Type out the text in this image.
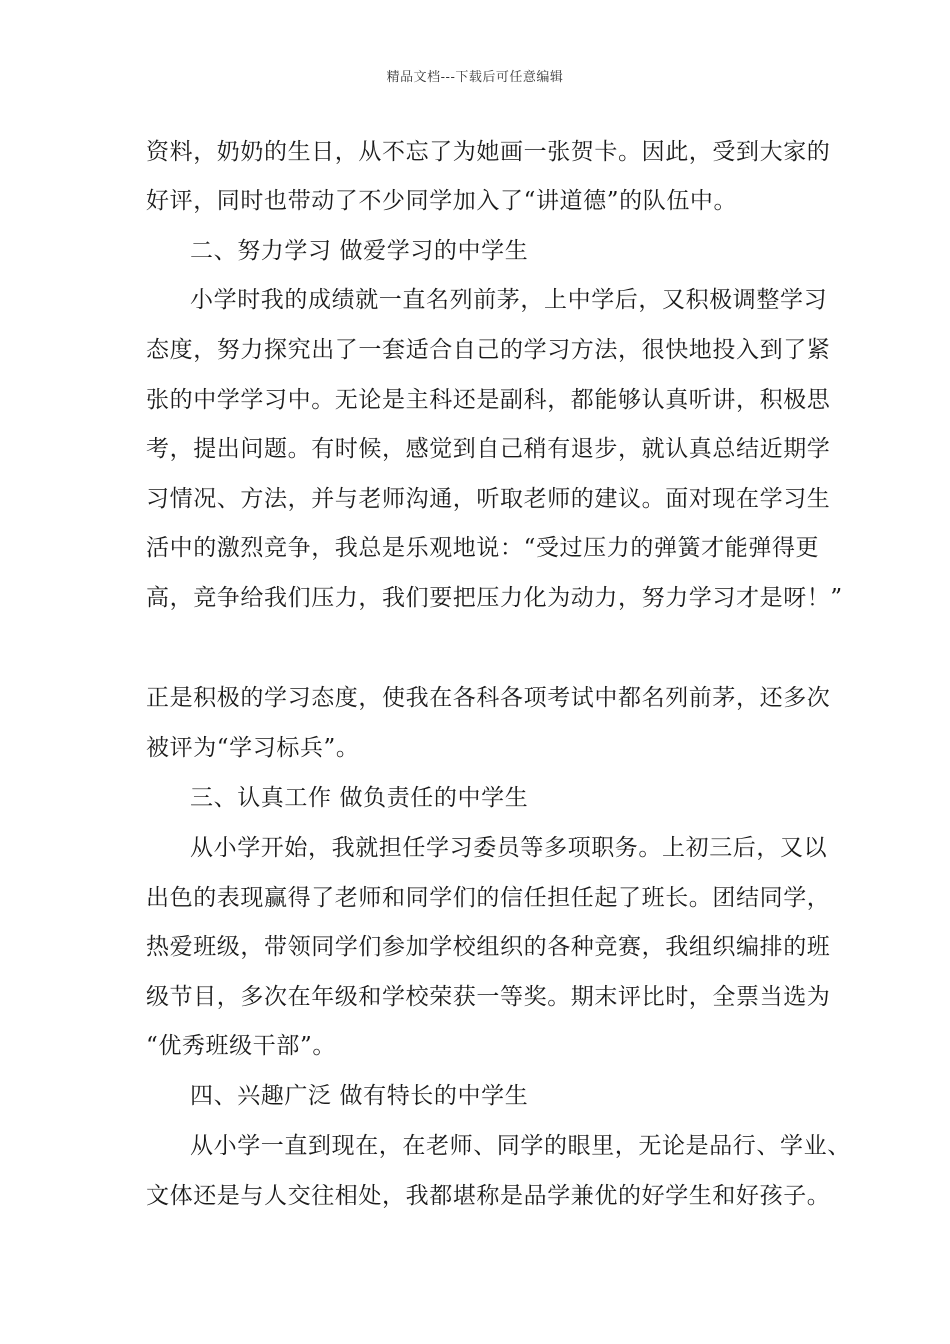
精品文档---下载后可任意编辑
资料，奶奶的生日，从不忘了为她画一张贺卡。因此，受到大家的
好评，同时也带动了不少同学加入了“讲道德”的队伍中。
二、努力学习 做爱学习的中学生
小学时我的成绩就一直名列前茅，上中学后，又积极调整学习
态度，努力探究出了一套适合自己的学习方法，很快地投入到了紧
张的中学学习中。无论是主科还是副科，都能够认真听讲，积极思
考，提出问题。有时候，感觉到自己稍有退步，就认真总结近期学
习情况、方法，并与老师沟通，听取老师的建议。面对现在学习生
活中的激烈竞争，我总是乐观地说：“受过压力的弹簧才能弹得更
高，竞争给我们压力，我们要把压力化为动力，努力学习才是呀！”
正是积极的学习态度，使我在各科各项考试中都名列前茅，还多次
被评为“学习标兵”。
三、认真工作 做负责任的中学生
从小学开始，我就担任学习委员等多项职务。上初三后，又以
出色的表现赢得了老师和同学们的信任担任起了班长。团结同学，
热爱班级，带领同学们参加学校组织的各种竞赛，我组织编排的班
级节目，多次在年级和学校荣获一等奖。期末评比时，全票当选为
“优秀班级干部”。
四、兴趣广泛 做有特长的中学生
从小学一直到现在，在老师、同学的眼里，无论是品行、学业、
文体还是与人交往相处，我都堪称是品学兼优的好学生和好孩子。
